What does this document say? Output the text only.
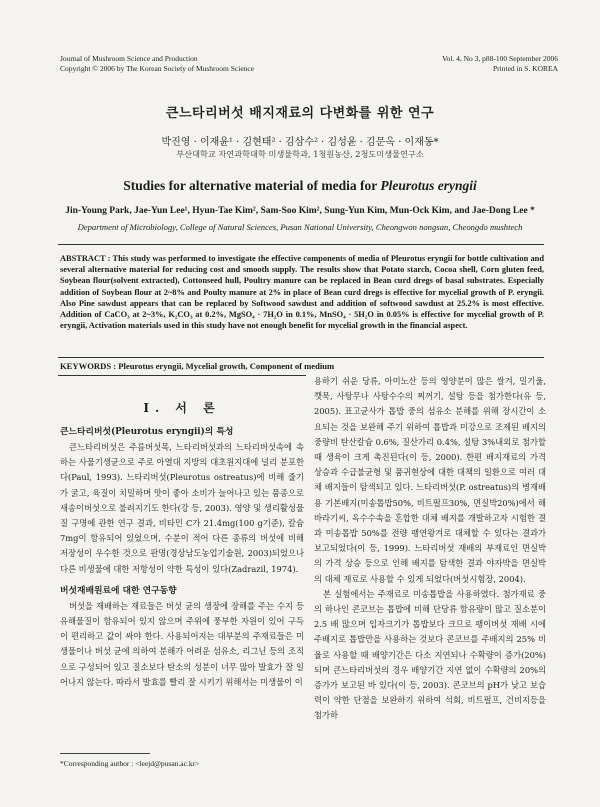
Journal of Mushroom Science and Production
Copyright © 2006 by The Korean Society of Mushroom Science
Vol. 4, No 3, p88-100 September 2006
Printed in S. KOREA
큰느타리버섯 배지재료의 다변화를 위한 연구
박진영 · 이재윤¹ · 김현태² · 김삼수² · 김성윤 · 김문옥 · 이재동*
부산대학교 자연과학대학 미생물학과, 1청원농산, 2청도미생물연구소
Studies for alternative material of media for Pleurotus eryngii
Jin-Young Park, Jae-Yun Lee¹, Hyun-Tae Kim², Sam-Soo Kim², Sung-Yun Kim, Mun-Ock Kim, and Jae-Dong Lee *
Department of Microbiology, College of Natural Sciences, Pusan National University, Cheongwon nongsan, Cheongdo mushtech

ABSTRACT : This study was performed to investigate the effective components of media of Pleurotus eryngii for bottle cultivation and several alternative material for reducing cost and smooth supply. The results show that Potato starch, Cocoa shell, Corn gluten feed, Soybean flour(solvent extracted), Cottonseed hull, Poultry manure can be replaced in Bean curd dregs of basal substrates. Especially addition of Soybean flour at 2~8% and Poulty manure at 2% in place of Bean curd dregs is effective for mycelial growth of P. eryngii. Also Pine sawdust appears that can be replaced by Softwood sawdust and addition of softwood sawdust at 25.2% is most effective. Addition of CaCO₃ at 2~3%, K₂CO₃ at 0.2%, MgSO₄ · 7H₂O in 0.1%, MnSO₄ · 5H₂O in 0.05% is effective for mycelial growth of P. eryngii, Activation materials used in this study have not enough benefit for mycelial growth in the financial aspect.

KEYWORDS : Pleurotus eryngii, Mycelial growth, Component of medium
Ⅰ. 서 론
큰느타리버섯(Pleurotus eryngii)의 특성

큰느타리버섯은 주름버섯목, 느타리버섯과의 느타리버섯속에 속하는 사물기생균으로 주로 아열대 지방의 대초원지대에 널리 분포한다(Paul, 1993). 느타리버섯(Pleurotus ostreatus)에 비해 줄기가 굵고, 육질이 치밀하며 맛이 좋아 소비가 늘어나고 있는 품종으로 새송이버섯으로 불려지기도 한다(강 등, 2003). 영양 및 생리활성물질 구명에 관한 연구 결과, 비타민 C가 21.4mg(100 g기준), 칼슘 7mg이 함유되어 있었으며, 수분이 적어 다른 종류의 버섯에 비해 저장성이 우수한 것으로 판명(경상남도농업기술원, 2003)되었으나 다른 비생물에 대한 저항성이 약한 특성이 있다(Zadrazil, 1974).

버섯재배원료에 대한 연구동향

버섯을 재배하는 재료들은 버섯 균의 생장에 장해를 주는 수지 등 유해물질이 함유되어 있지 않으며 주위에 풍부한 자원이 있어 구득이 편리하고 값이 싸야 한다. 사용되어지는 대부분의 주재료들은 미생물이나 버섯 균에 의하여 분해가 어려운 섬유소, 리그닌 등의 조직으로 구성되어 있고 질소보다 탄소의 성분이 너무 많아 발효가 잘 일어나지 않는다. 따라서 발효를 빨리 잘 시키기 위해서는 미생물이 이

용하기 쉬운 당류, 아미노산 등의 영양분이 많은 쌀겨, 밀기울, 깻묵, 사탕무나 사탕수수의 찌꺼기, 설탕 등을 첨가한다(유 등, 2005). 표고균사가 톱밥 중의 섬유소 분해를 위해 장시간이 소요되는 것을 보완해 주기 위하여 톱밥과 미강으로 조제된 배지의 중량비 탄산칼슘 0.6%, 질산가리 0.4%, 설탕 3%내외로 첨가할 때 생육이 크게 촉진된다(이 등, 2000). 한편 배지재료의 가격 상승과 수급불균형 및 품귀현상에 대한 대책의 일환으로 여러 대체 배지들이 탐색되고 있다. 느타리버섯(P. ostreatus)의 병재배용 기본배지(미송톱밥50%, 비트펄프30%, 면실박20%)에서 해바라기씨, 옥수수속을 혼합한 대체 배지를 개발하고자 시험한 결과 미송톱밥 50%를 전량 팽연왕겨로 대체할 수 있다는 결과가 보고되었다(이 등, 1999). 느타리버섯 재배의 부재료인 면실박의 가격 상승 등으로 인해 배지를 탐색한 결과 야자박을 면실박의 대체 재료로 사용할 수 있게 되었다(버섯시험장, 2004).

본 실험에서는 주재료로 미송톱밥을 사용하였다. 첨가재료 중의 하나인 콘코브는 톱밥에 비해 단당류 함유량이 많고 질소분이 2.5 배 많으며 입자크기가 톱밥보다 크므로 팽이버섯 재배 시에 주배지로 톱밥만을 사용하는 것보다 콘코브를 주배지의 25% 비율로 사용할 때 배양기간은 다소 지연되나 수확량이 증가(20%)되며 큰느타리버섯의 경우 배양기간 지연 없이 수확량의 20%의 증가가 보고된 바 있다(이 등, 2003). 콘코브의 pH가 낮고 보습력이 약한 단점을 보완하기 위하여 석회, 비트펄프, 건비지등을 첨가하

*Corresponding author : <leejd@pusan.ac.kr>
